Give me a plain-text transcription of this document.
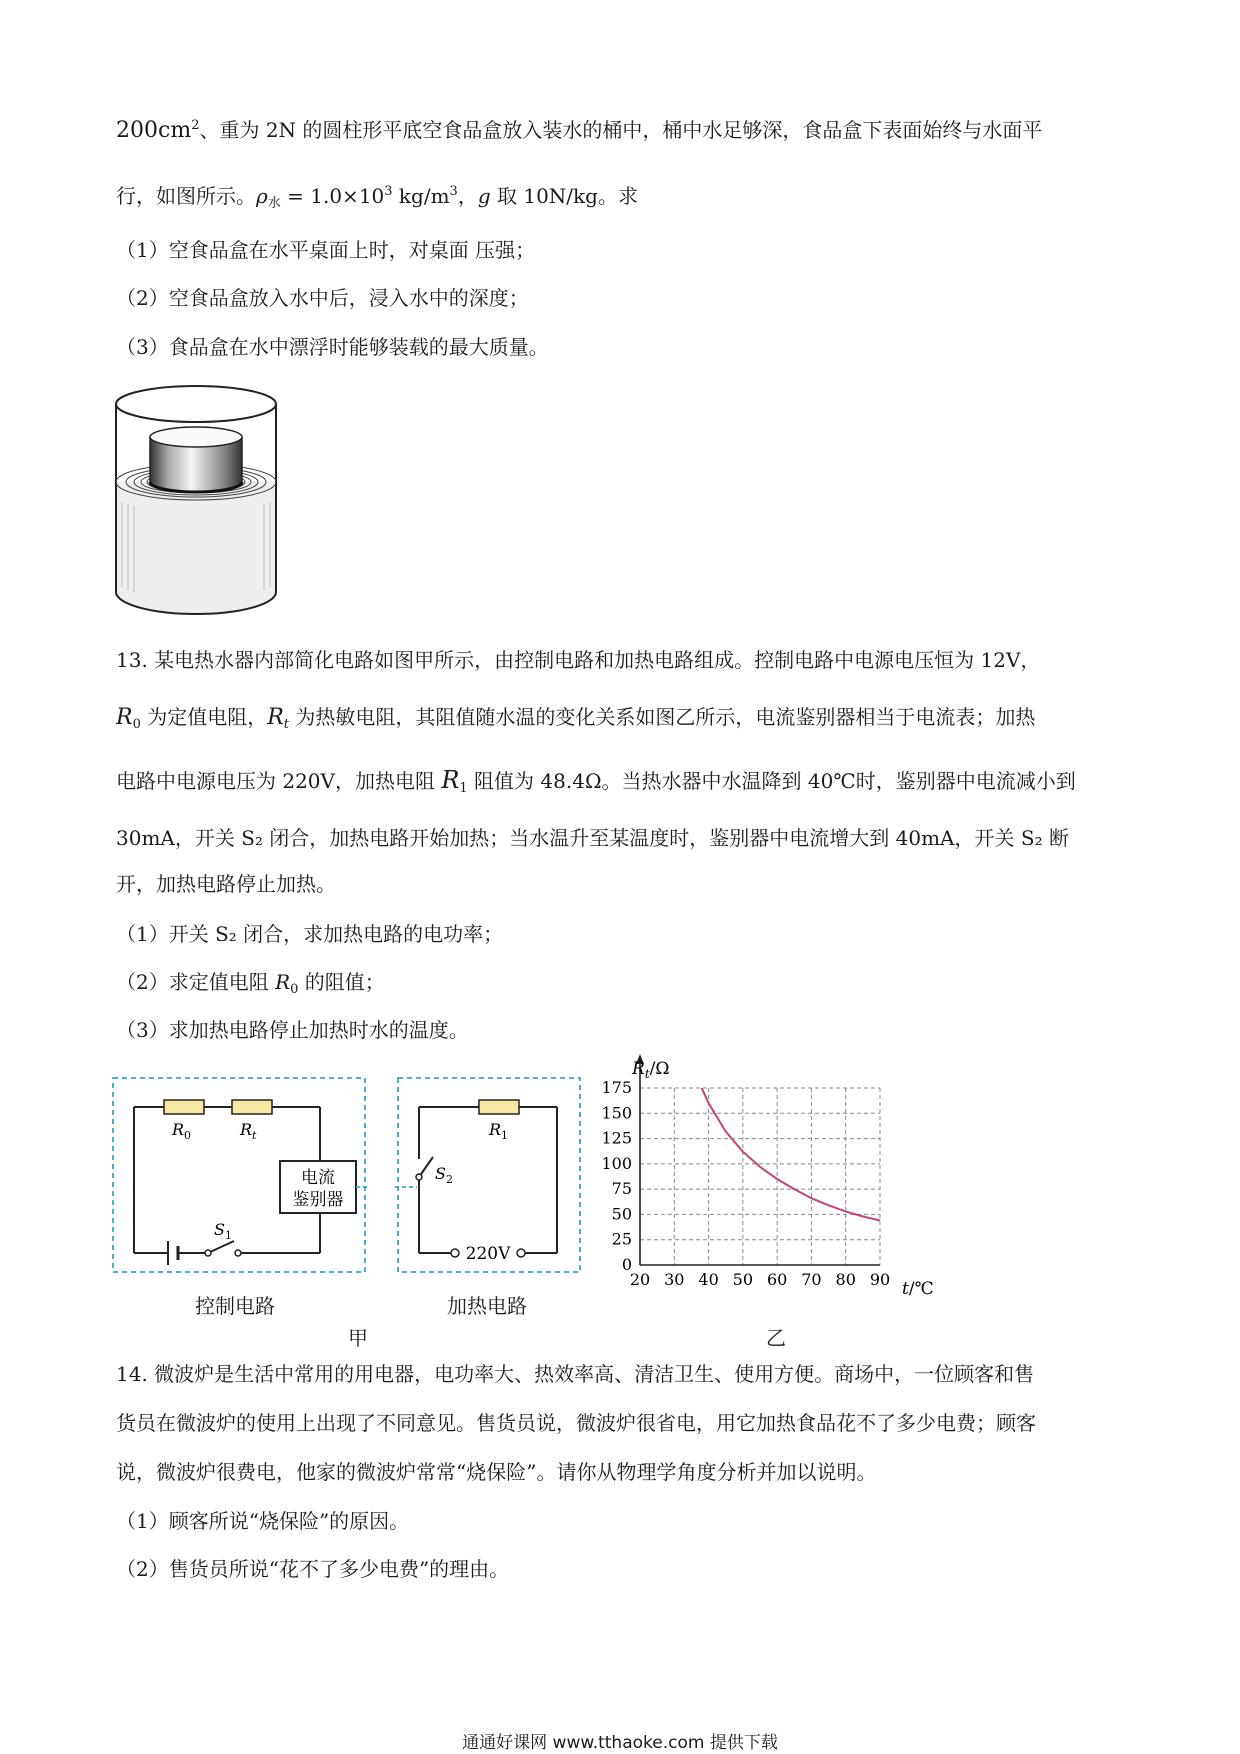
$200cm^2$、重为 2N 的圆柱形平底空食品盒放入装水的桶中，桶中水足够深，食品盒下表面始终与水面平
行，如图所示。$\rho_水 = 1.0\times 10^3$ $kg/m^3$，g 取 10N/kg。求
（1）空食品盒在水平桌面上时，对桌面 压强；
（2）空食品盒放入水中后，浸入水中的深度；
（3）食品盒在水中漂浮时能够装载的最大质量。
13. 某电热水器内部简化电路如图甲所示，由控制电路和加热电路组成。控制电路中电源电压恒为 12V，
$R_0$ 为定值电阻，$R_t$ 为热敏电阻，其阻值随水温的变化关系如图乙所示，电流鉴别器相当于电流表；加热
电路中电源电压为 220V，加热电阻 $R_1$ 阻值为 48.4Ω。当热水器中水温降到 40℃时，鉴别器中电流减小到
30mA，开关 S₂ 闭合，加热电路开始加热；当水温升至某温度时，鉴别器中电流增大到 40mA，开关 S₂ 断
开，加热电路停止加热。
（1）开关 S₂ 闭合，求加热电路的电功率；
（2）求定值电阻 $R_0$ 的阻值；
（3）求加热电路停止加热时水的温度。
$R_0$	$R_t$
电流
鉴别器
$S_1$
$R_1$
$S_2$
220V
控制电路	加热电路
甲	乙
20 30 40 50 60 70 80 90
0
25
50
75
100
125
150
175
$R_t/\Omega$
t/℃
14. 微波炉是生活中常用的用电器，电功率大、热效率高、清洁卫生、使用方便。商场中，一位顾客和售
货员在微波炉的使用上出现了不同意见。售货员说，微波炉很省电，用它加热食品花不了多少电费；顾客
说，微波炉很费电，他家的微波炉常常“烧保险”。请你从物理学角度分析并加以说明。
（1）顾客所说“烧保险”的原因。
（2）售货员所说“花不了多少电费”的理由。
通通好课网 www.tthaoke.com 提供下载
